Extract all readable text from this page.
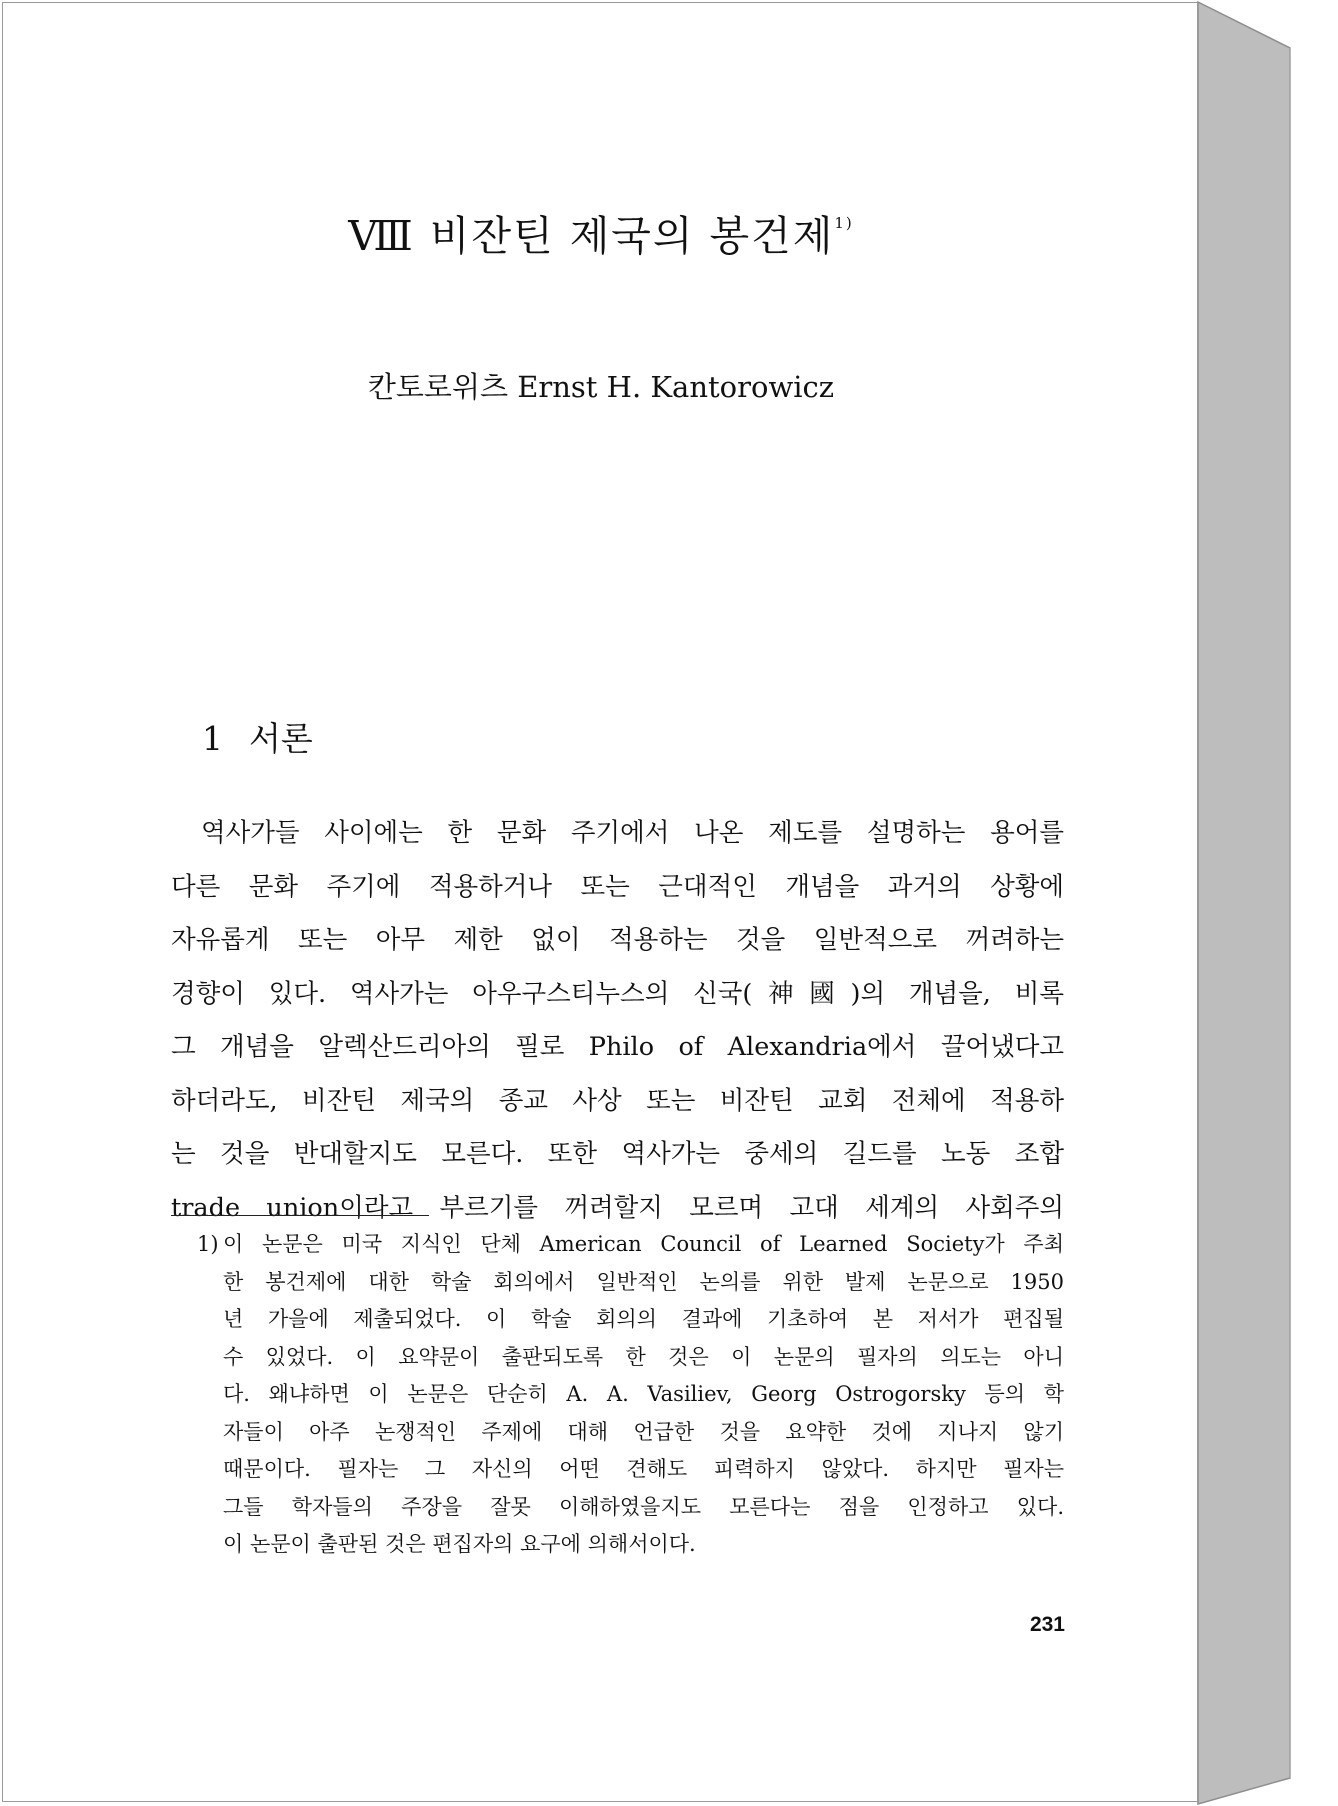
Ⅷ 비잔틴 제국의 봉건제$^{1)}$
칸토로위츠 Ernst H. Kantorowicz
1 서론
역사가들 사이에는 한 문화 주기에서 나온 제도를 설명하는 용어를
다른 문화 주기에 적용하거나 또는 근대적인 개념을 과거의 상황에
자유롭게 또는 아무 제한 없이 적용하는 것을 일반적으로 꺼려하는
경향이 있다. 역사가는 아우구스티누스의 신국(神國)의 개념을, 비록
그 개념을 알렉산드리아의 필로 Philo of Alexandria에서 끌어냈다고
하더라도, 비잔틴 제국의 종교 사상 또는 비잔틴 교회 전체에 적용하
는 것을 반대할지도 모른다. 또한 역사가는 중세의 길드를 노동 조합
trade union이라고 부르기를 꺼려할지 모르며 고대 세계의 사회주의
1) 이 논문은 미국 지식인 단체 American Council of Learned Society가 주최
한 봉건제에 대한 학술 회의에서 일반적인 논의를 위한 발제 논문으로 1950
년 가을에 제출되었다. 이 학술 회의의 결과에 기초하여 본 저서가 편집될
수 있었다. 이 요약문이 출판되도록 한 것은 이 논문의 필자의 의도는 아니
다. 왜냐하면 이 논문은 단순히 A. A. Vasiliev, Georg Ostrogorsky 등의 학
자들이 아주 논쟁적인 주제에 대해 언급한 것을 요약한 것에 지나지 않기
때문이다. 필자는 그 자신의 어떤 견해도 피력하지 않았다. 하지만 필자는
그들 학자들의 주장을 잘못 이해하였을지도 모른다는 점을 인정하고 있다.
이 논문이 출판된 것은 편집자의 요구에 의해서이다.
231
